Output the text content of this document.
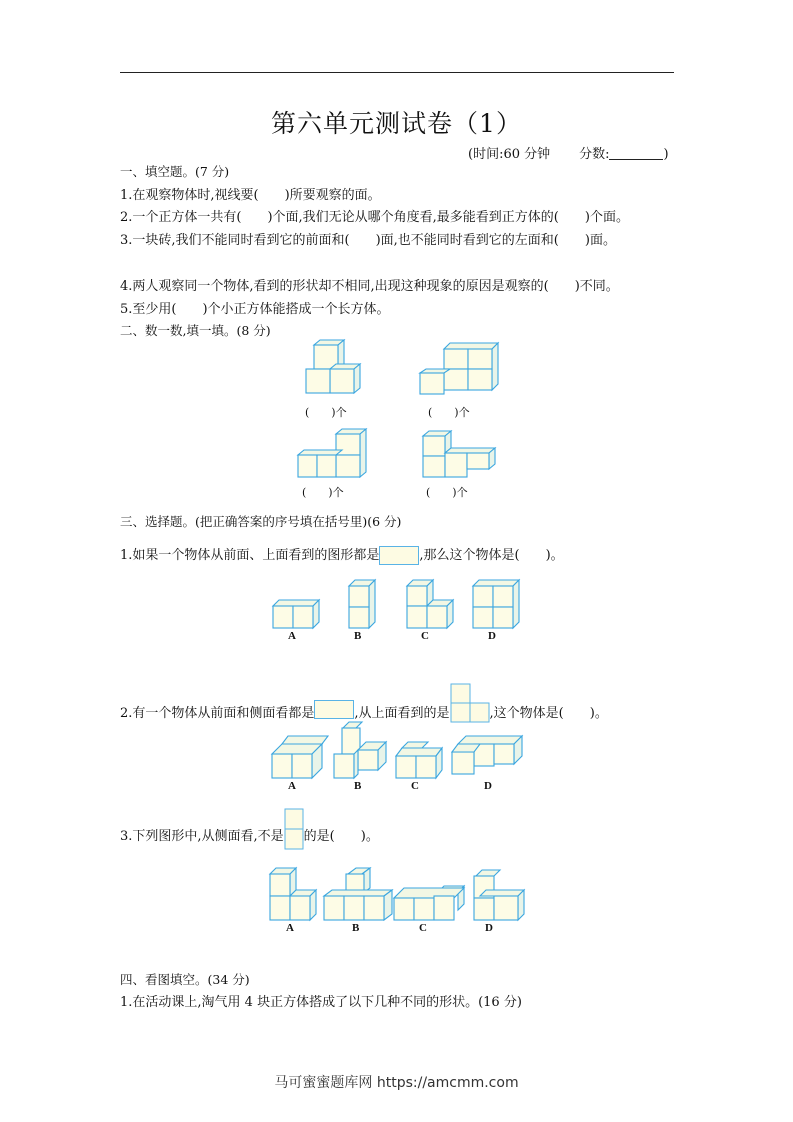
第六单元测试卷（1）
(时间:60 分钟 分数:	)
一、填空题。(7 分)
1.在观察物体时,视线要(　　)所要观察的面。
2.一个正方体一共有(　　)个面,我们无论从哪个角度看,最多能看到正方体的(　　)个面。
3.一块砖,我们不能同时看到它的前面和(　　)面,也不能同时看到它的左面和(　　)面。
4.两人观察同一个物体,看到的形状却不相同,出现这种现象的原因是观察的(　　)不同。
5.至少用(　　)个小正方体能搭成一个长方体。
二、数一数,填一填。(8 分)
(　　)个	(　　)个
(　　)个	(　　)个
三、选择题。(把正确答案的序号填在括号里)(6 分)
1.如果一个物体从前面、上面看到的图形都是	,那么这个物体是(　　)。
A	B	C	D
2.有一个物体从前面和侧面看都是	,从上面看到的是	,这个物体是(　　)。
A	B	C	D
3.下列图形中,从侧面看,不是 的是(　　)。
A	B	C	D
四、看图填空。(34 分)
1.在活动课上,淘气用 4 块正方体搭成了以下几种不同的形状。(16 分)
马可蜜蜜题库网 https://amcmm.com
